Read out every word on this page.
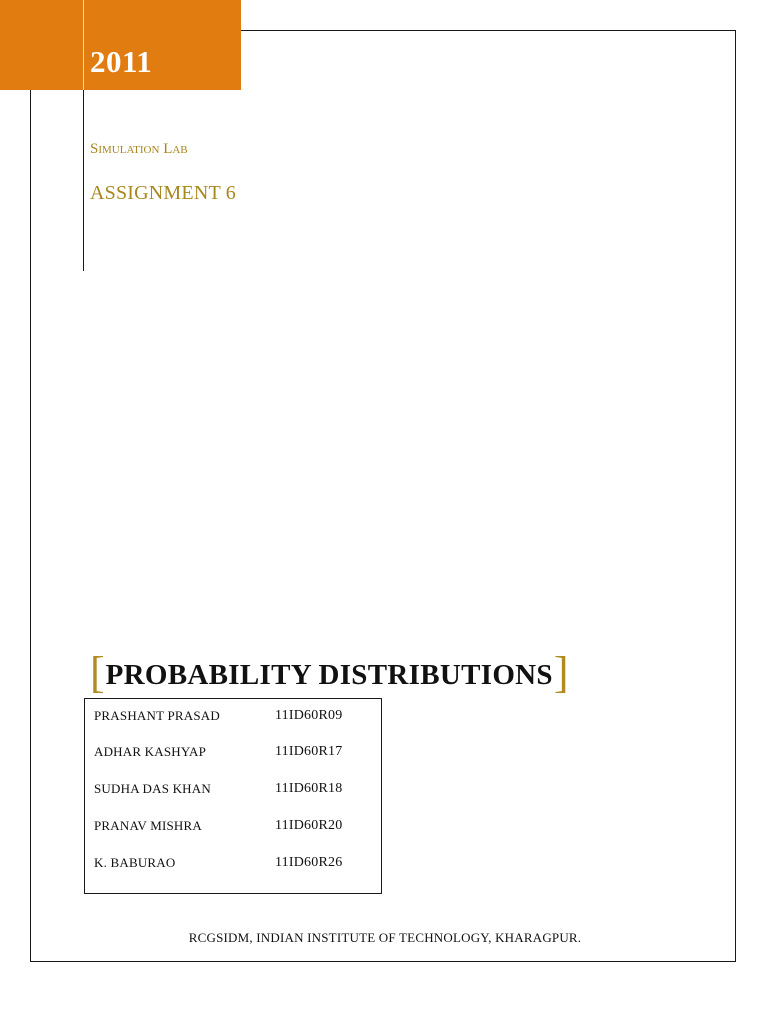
2011
Simulation Lab
ASSIGNMENT 6
[ PROBABILITY DISTRIBUTIONS ]
PRASHANT PRASAD	11ID60R09
ADHAR KASHYAP	11ID60R17
SUDHA DAS KHAN	11ID60R18
PRANAV MISHRA	11ID60R20
K. BABURAO	11ID60R26
RCGSIDM, INDIAN INSTITUTE OF TECHNOLOGY, KHARAGPUR.
